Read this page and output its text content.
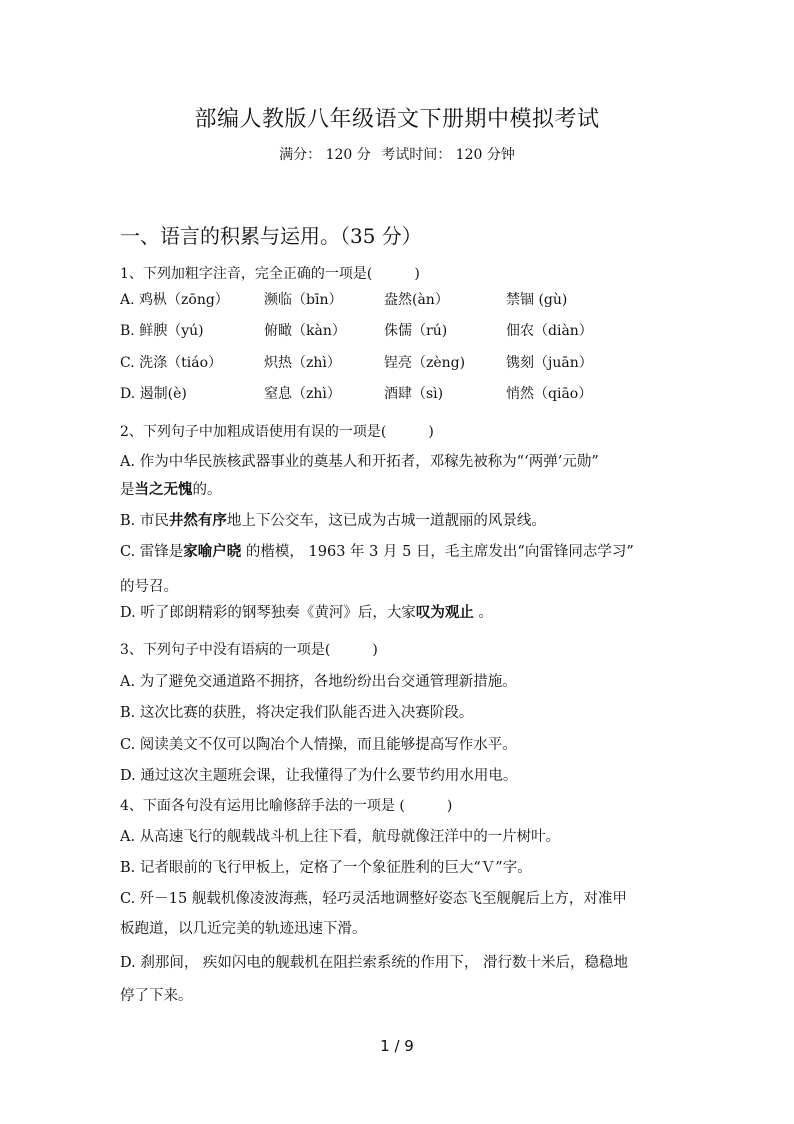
部编人教版八年级语文下册期中模拟考试
满分： 120 分 考试时间： 120 分钟
一、语言的积累与运用。（35 分）
1、下列加粗字注音，完全正确的一项是(　　　)
A. 鸡枞（zōng）	濒临（bīn）	盎然(àn）	禁锢 (gù)
B. 鲜腴（yú)	俯瞰（kàn）	侏儒（rú)	佃农（diàn）
C. 洗涤（tiáo）	炽热（zhì）	锃亮（zèng)	镌刻（juān）
D. 遏制(è)	窒息（zhì）	酒肆（sì)	悄然（qiāo）
2、下列句子中加粗成语使用有误的一项是(　　　)
A. 作为中华民族核武器事业的奠基人和开拓者，邓稼先被称为“‘两弹’元勋”
是当之无愧的。
B. 市民井然有序地上下公交车，这已成为古城一道靓丽的风景线。
C. 雷锋是家喻户晓 的楷模， 1963 年 3 月 5 日，毛主席发出“向雷锋同志学习”
的号召。
D. 听了郎朗精彩的钢琴独奏《黄河》后，大家叹为观止 。
3、下列句子中没有语病的一项是(　　　)
A. 为了避免交通道路不拥挤，各地纷纷出台交通管理新措施。
B. 这次比赛的获胜，将决定我们队能否进入决赛阶段。
C. 阅读美文不仅可以陶冶个人情操，而且能够提高写作水平。
D. 通过这次主题班会课，让我懂得了为什么要节约用水用电。
4、下面各句没有运用比喻修辞手法的一项是 (　　　)
A. 从高速飞行的舰载战斗机上往下看，航母就像汪洋中的一片树叶。
B. 记者眼前的飞行甲板上，定格了一个象征胜利的巨大“Ｖ”字。
C. 歼－15 舰载机像凌波海燕，轻巧灵活地调整好姿态飞至舰艉后上方，对准甲
板跑道，以几近完美的轨迹迅速下滑。
D. 刹那间， 疾如闪电的舰载机在阻拦索系统的作用下， 滑行数十米后，稳稳地
停了下来。
1 / 9
